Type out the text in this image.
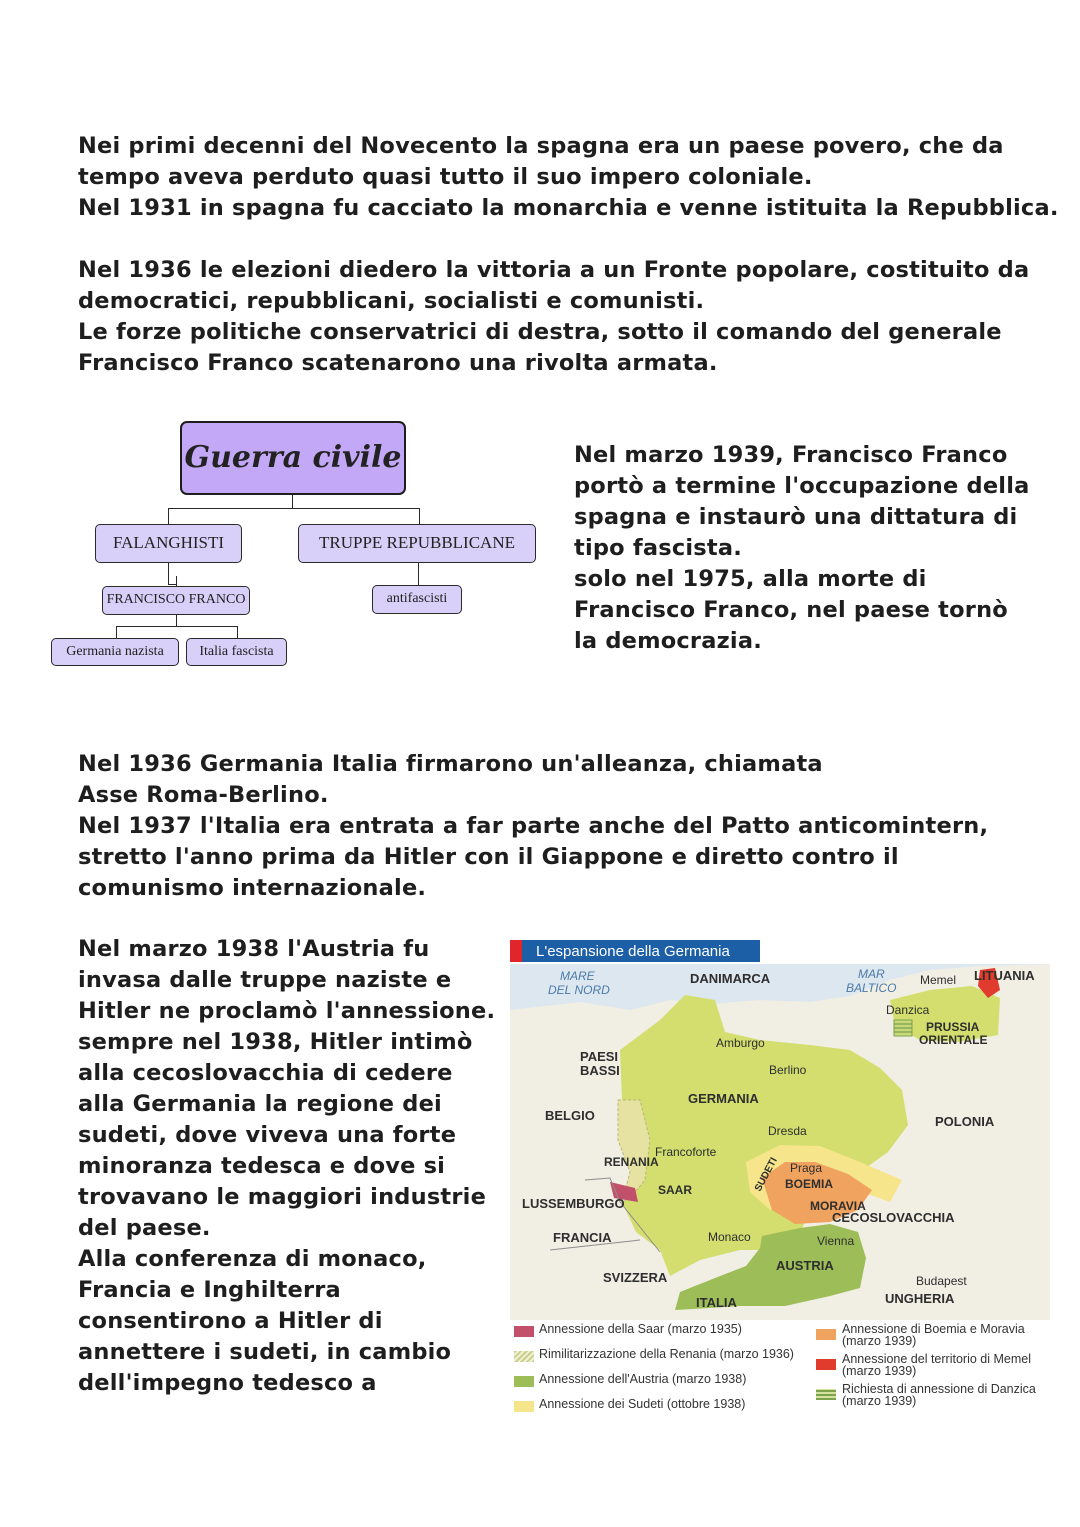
Nei primi decenni del Novecento la spagna era un paese povero, che da
tempo aveva perduto quasi tutto il suo impero coloniale.
Nel 1931 in spagna fu cacciato la monarchia e venne istituita la Repubblica.
Nel 1936 le elezioni diedero la vittoria a un Fronte popolare, costituito da
democratici, repubblicani, socialisti e comunisti.
Le forze politiche conservatrici di destra, sotto il comando del generale
Francisco Franco scatenarono una rivolta armata.
Guerra civile
FALANGHISTI	TRUPPE REPUBBLICANE
FRANCISCO FRANCO	antifascisti
Germania nazista	Italia fascista
Nel marzo 1939, Francisco Franco
portò a termine l'occupazione della
spagna e instaurò una dittatura di
tipo fascista.
solo nel 1975, alla morte di
Francisco Franco, nel paese tornò
la democrazia.
Nel 1936 Germania Italia firmarono un'alleanza, chiamata
Asse Roma-Berlino.
Nel 1937 l'Italia era entrata a far parte anche del Patto anticomintern,
stretto l'anno prima da Hitler con il Giappone e diretto contro il
comunismo internazionale.
Nel marzo 1938 l'Austria fu
invasa dalle truppe naziste e
Hitler ne proclamò l'annessione.
sempre nel 1938, Hitler intimò
alla cecoslovacchia di cedere
alla Germania la regione dei
sudeti, dove viveva una forte
minoranza tedesca e dove si
trovavano le maggiori industrie
del paese.
Alla conferenza di monaco,
Francia e Inghilterra
consentirono a Hitler di
annettere i sudeti, in cambio
dell'impegno tedesco a
L'espansione della Germania
MARE
DEL NORD
DANIMARCA	MAR
BALTICO
Memel LITUANIA
Danzica
PRUSSIA
ORIENTALE
Amburgo
PAESI
BASSI	Berlino
GERMANIA
BELGIO	POLONIA
Dresda
Francoforte
RENANIA	SUDETI Praga
BOEMIA
SAAR
LUSSEMBURGO	MORAVIA
CECOSLOVACCHIA
FRANCIA	Monaco	Vienna
AUSTRIA
SVIZZERA	Budapest
UNGHERIA
ITALIA
Annessione della Saar (marzo 1935)
Rimilitarizzazione della Renania (marzo 1936)
Annessione dell'Austria (marzo 1938)
Annessione dei Sudeti (ottobre 1938)
Annessione di Boemia e Moravia
(marzo 1939)
Annessione del territorio di Memel
(marzo 1939)
Richiesta di annessione di Danzica
(marzo 1939)
